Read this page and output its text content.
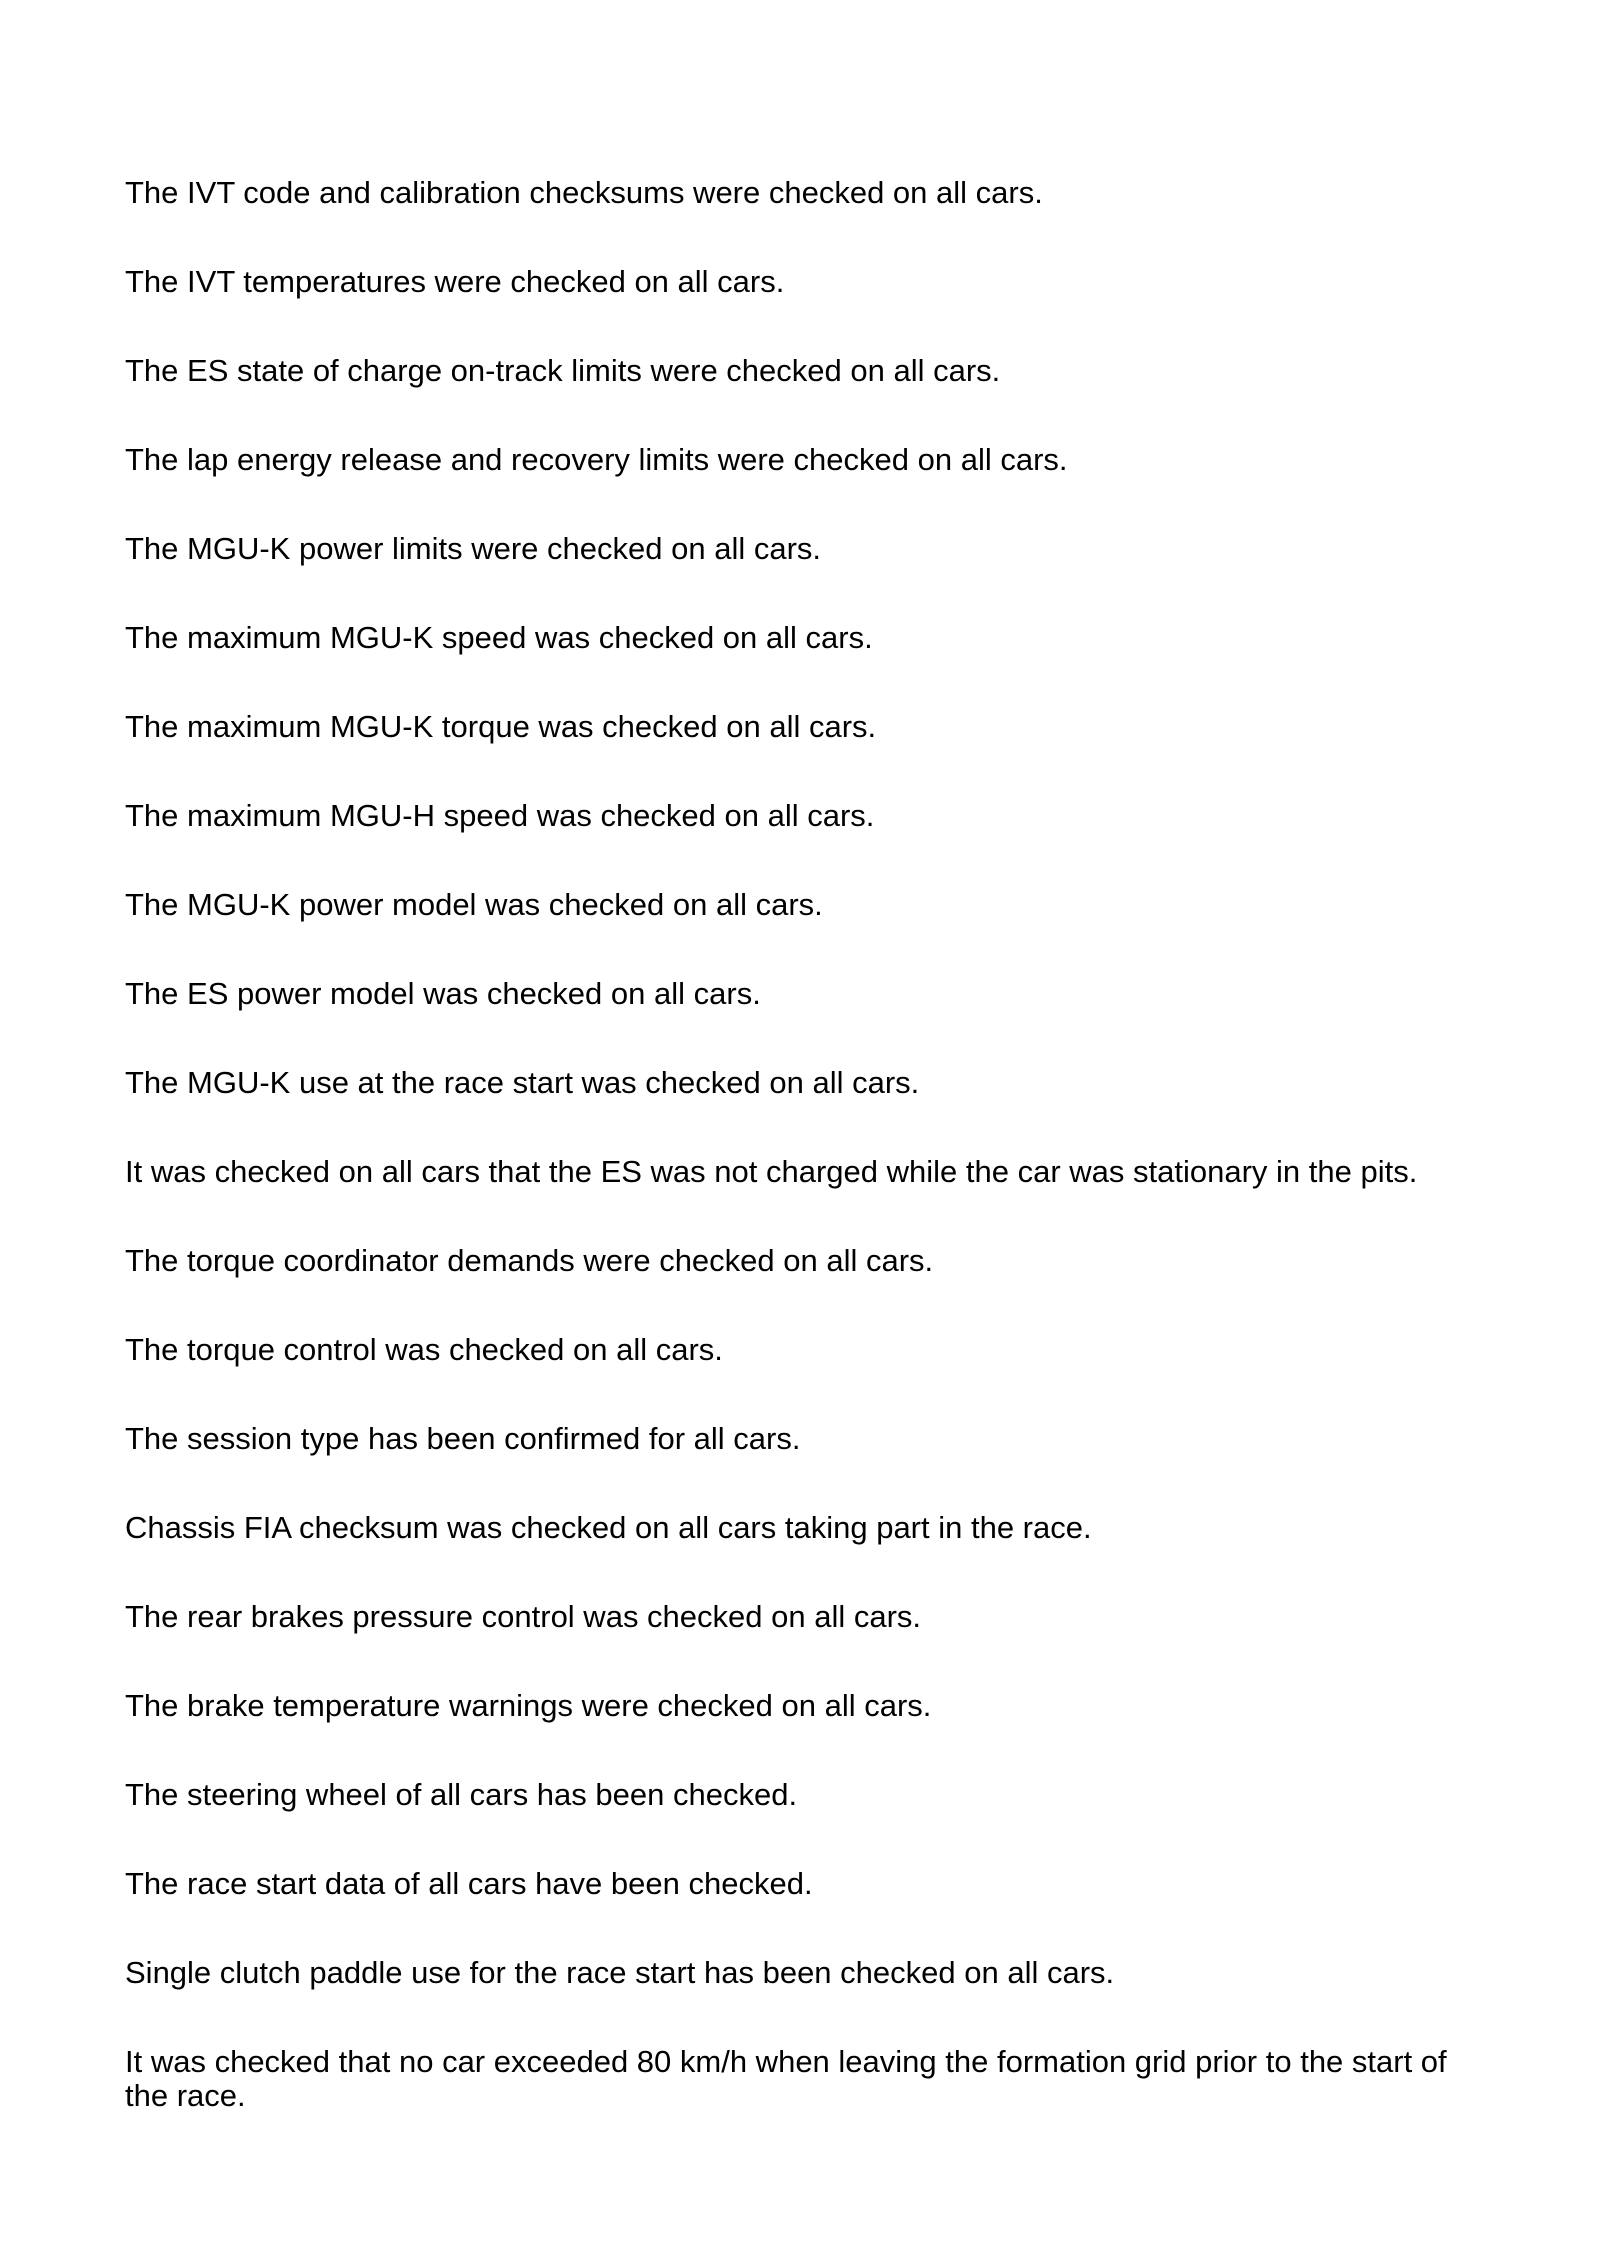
The IVT code and calibration checksums were checked on all cars.
The IVT temperatures were checked on all cars.
The ES state of charge on-track limits were checked on all cars.
The lap energy release and recovery limits were checked on all cars.
The MGU-K power limits were checked on all cars.
The maximum MGU-K speed was checked on all cars.
The maximum MGU-K torque was checked on all cars.
The maximum MGU-H speed was checked on all cars.
The MGU-K power model was checked on all cars.
The ES power model was checked on all cars.
The MGU-K use at the race start was checked on all cars.
It was checked on all cars that the ES was not charged while the car was stationary in the pits.
The torque coordinator demands were checked on all cars.
The torque control was checked on all cars.
The session type has been confirmed for all cars.
Chassis FIA checksum was checked on all cars taking part in the race.
The rear brakes pressure control was checked on all cars.
The brake temperature warnings were checked on all cars.
The steering wheel of all cars has been checked.
The race start data of all cars have been checked.
Single clutch paddle use for the race start has been checked on all cars.
It was checked that no car exceeded 80 km/h when leaving the formation grid prior to the start of the race.
